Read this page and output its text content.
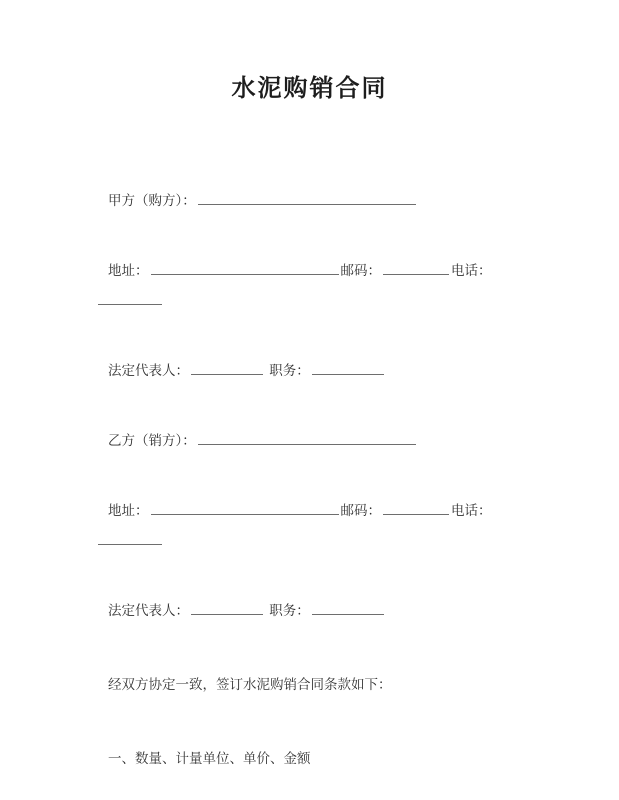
水泥购销合同

甲方（购方）：

地址：	邮码：	电话：

法定代表人：	职务：

乙方（销方）：

地址：	邮码：	电话：

法定代表人：	职务：

经双方协定一致，签订水泥购销合同条款如下：

一、数量、计量单位、单价、金额
